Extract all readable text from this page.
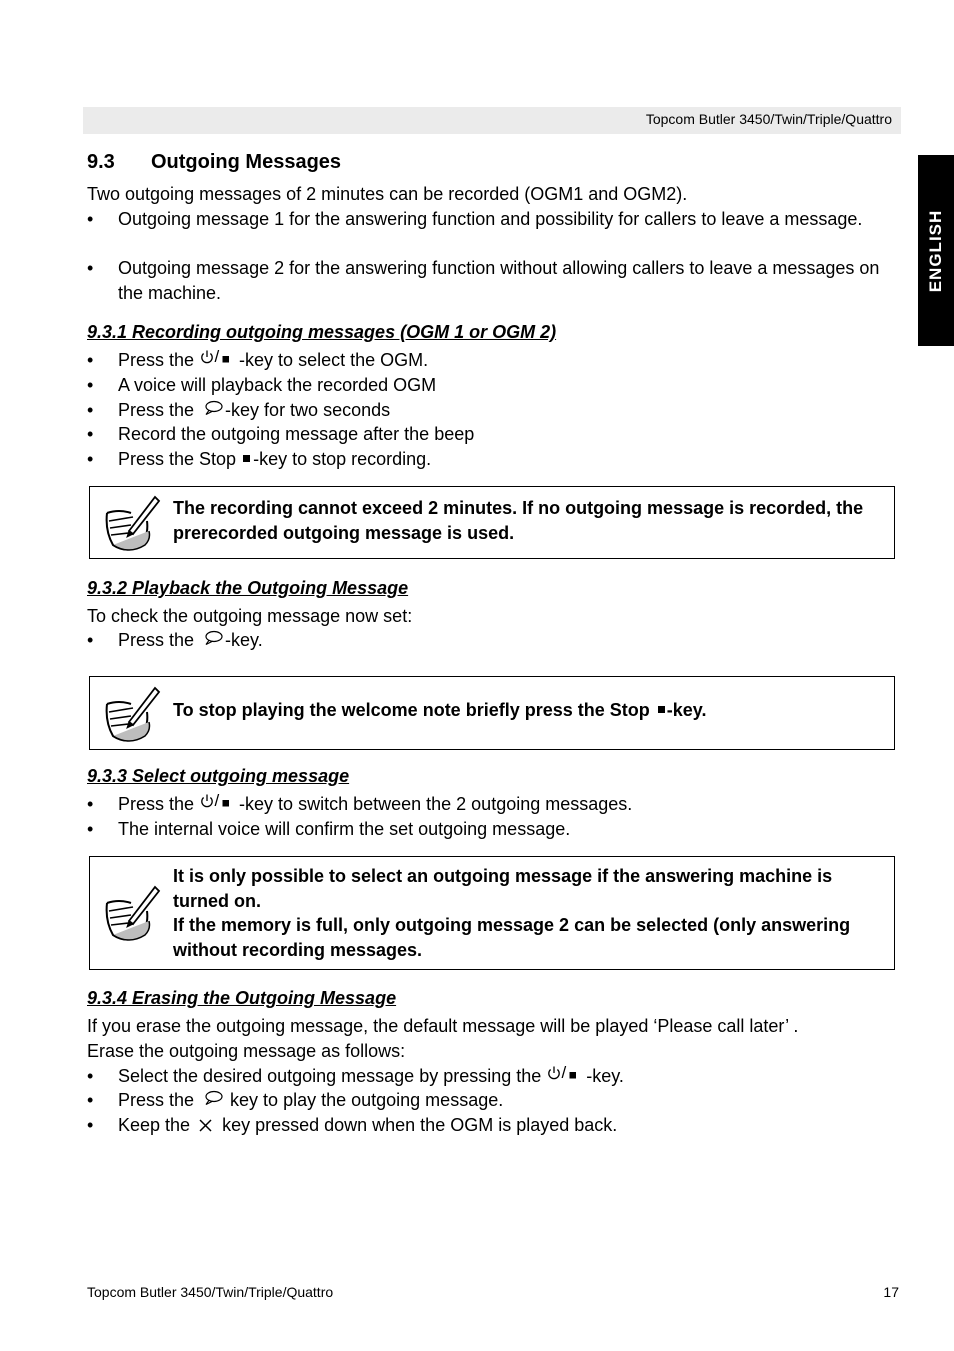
Topcom Butler 3450/Twin/Triple/Quattro
ENGLISH
9.3 Outgoing Messages
Two outgoing messages of 2 minutes can be recorded (OGM1 and OGM2).
• Outgoing message 1 for the answering function and possibility for callers to leave a message.
• Outgoing message 2 for the answering function without allowing callers to leave a messages on the machine.
9.3.1 Recording outgoing messages (OGM 1 or OGM 2)
• Press the / -key to select the OGM.
• A voice will playback the recorded OGM
• Press the -key for two seconds
• Record the outgoing message after the beep
• Press the Stop -key to stop recording.
The recording cannot exceed 2 minutes. If no outgoing message is recorded, the prerecorded outgoing message is used.
9.3.2 Playback the Outgoing Message
To check the outgoing message now set:
• Press the -key.
To stop playing the welcome note briefly press the Stop -key.
9.3.3 Select outgoing message
• Press the / -key to switch between the 2 outgoing messages.
• The internal voice will confirm the set outgoing message.
It is only possible to select an outgoing message if the answering machine is turned on.
If the memory is full, only outgoing message 2 can be selected (only answering without recording messages.
9.3.4 Erasing the Outgoing Message
If you erase the outgoing message, the default message will be played ‘Please call later’ .
Erase the outgoing message as follows:
• Select the desired outgoing message by pressing the / -key.
• Press the  key to play the outgoing message.
• Keep the  key pressed down when the OGM is played back.
Topcom Butler 3450/Twin/Triple/Quattro	17
